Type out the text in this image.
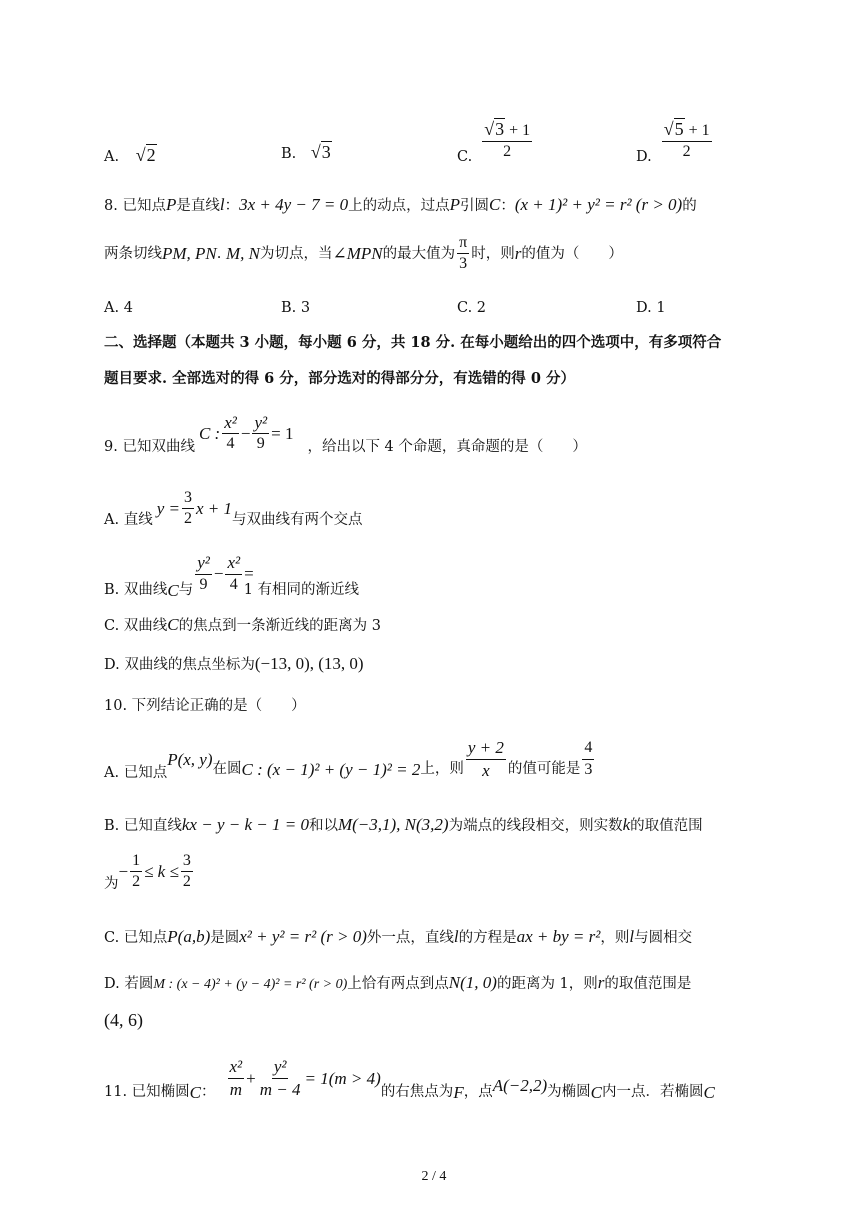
A. √2	B. √3	C. $\frac{√3 + 1}{2}$	D. $\frac{√5 + 1}{2}$
8. 已知点P是直线l：3x + 4y − 7 = 0上的动点，过点P引圆C：(x + 1)² + y² = r² (r > 0)的
两条切线 PM, PN .
M, N 为切点，当 ∠MPN 的最大值为 $\frac{\pi}{3}$ 时，则 r 的值为（　　）
A. 4	B. 3	C. 2	D. 1
二、选择题（本题共 3 小题，每小题 6 分，共 18 分. 在每小题给出的四个选项中，有多项符合
题目要求. 全部选对的得 6 分，部分选对的得部分分，有选错的得 0 分）
9. 已知双曲线
C : $\frac{\text{x²}}{4} - \frac{\text{y²}}{9} = 1$
，给出以下 4 个命题，真命题的是（　　）
A. 直线
$y = \frac{3}{2}$ x + 1
与双曲线有两个交点
B. 双曲线 C 与 $\frac{\text{y²}}{9} - \frac{\text{x²}}{4}$ =
1 有相同的渐近线
C. 双曲线C的焦点到一条渐近线的距离为 3
D. 双曲线的焦点坐标为(−13, 0), (13, 0)
10. 下列结论正确的是（　　）
A. 已知点
P(x, y)
在圆 C : (x − 1)² + (y − 1)² = 2 上，则 $\frac{y + 2}{x}$ 的值可能是 $\frac{4}{3}$
B. 已知直线kx − y − k − 1 = 0和以M(−3,1), N(3,2)为端点的线段相交，则实数k的取值范围
为
− $\frac{1}{2} \le k \le \frac{3}{2}$
C. 已知点P(a,b)是圆x² + y² = r² (r > 0)外一点，直线l的方程是ax + by = r²，则l与圆相交
D. 若圆M : (x − 4)² + (y − 4)² = r² (r > 0)上恰有两点到点N(1, 0)的距离为 1，则r的取值范围是
(4, 6)
11. 已知椭圆 C ： $\frac{\text{x²}}{m} + \frac{\text{y²}}{m - 4} = 1(m > 4)$
的右焦点为 F ，点 A(−2,2) 为椭圆 C 内一点．若椭圆 C
2 / 4
